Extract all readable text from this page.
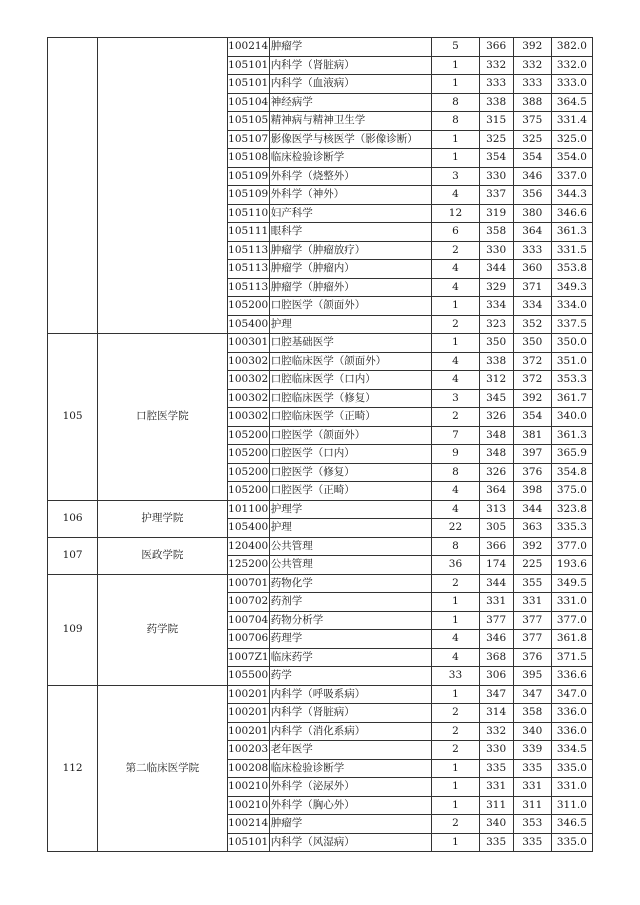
		100214	肿瘤学	5	366	392	382.0
		105101	内科学（肾脏病）	1	332	332	332.0
		105101	内科学（血液病）	1	333	333	333.0
		105104	神经病学	8	338	388	364.5
		105105	精神病与精神卫生学	8	315	375	331.4
		105107	影像医学与核医学（影像诊断）	1	325	325	325.0
		105108	临床检验诊断学	1	354	354	354.0
		105109	外科学（烧整外）	3	330	346	337.0
		105109	外科学（神外）	4	337	356	344.3
		105110	妇产科学	12	319	380	346.6
		105111	眼科学	6	358	364	361.3
		105113	肿瘤学（肿瘤放疗）	2	330	333	331.5
		105113	肿瘤学（肿瘤内）	4	344	360	353.8
		105113	肿瘤学（肿瘤外）	4	329	371	349.3
		105200	口腔医学（颌面外）	1	334	334	334.0
		105400	护理	2	323	352	337.5
105	口腔医学院	100301	口腔基础医学	1	350	350	350.0
		100302	口腔临床医学（颌面外）	4	338	372	351.0
		100302	口腔临床医学（口内）	4	312	372	353.3
		100302	口腔临床医学（修复）	3	345	392	361.7
		100302	口腔临床医学（正畸）	2	326	354	340.0
		105200	口腔医学（颌面外）	7	348	381	361.3
		105200	口腔医学（口内）	9	348	397	365.9
		105200	口腔医学（修复）	8	326	376	354.8
		105200	口腔医学（正畸）	4	364	398	375.0
106	护理学院	101100	护理学	4	313	344	323.8
		105400	护理	22	305	363	335.3
107	医政学院	120400	公共管理	8	366	392	377.0
		125200	公共管理	36	174	225	193.6
109	药学院	100701	药物化学	2	344	355	349.5
		100702	药剂学	1	331	331	331.0
		100704	药物分析学	1	377	377	377.0
		100706	药理学	4	346	377	361.8
		1007Z1	临床药学	4	368	376	371.5
		105500	药学	33	306	395	336.6
112	第二临床医学院	100201	内科学（呼吸系病）	1	347	347	347.0
		100201	内科学（肾脏病）	2	314	358	336.0
		100201	内科学（消化系病）	2	332	340	336.0
		100203	老年医学	2	330	339	334.5
		100208	临床检验诊断学	1	335	335	335.0
		100210	外科学（泌尿外）	1	331	331	331.0
		100210	外科学（胸心外）	1	311	311	311.0
		100214	肿瘤学	2	340	353	346.5
		105101	内科学（风湿病）	1	335	335	335.0
